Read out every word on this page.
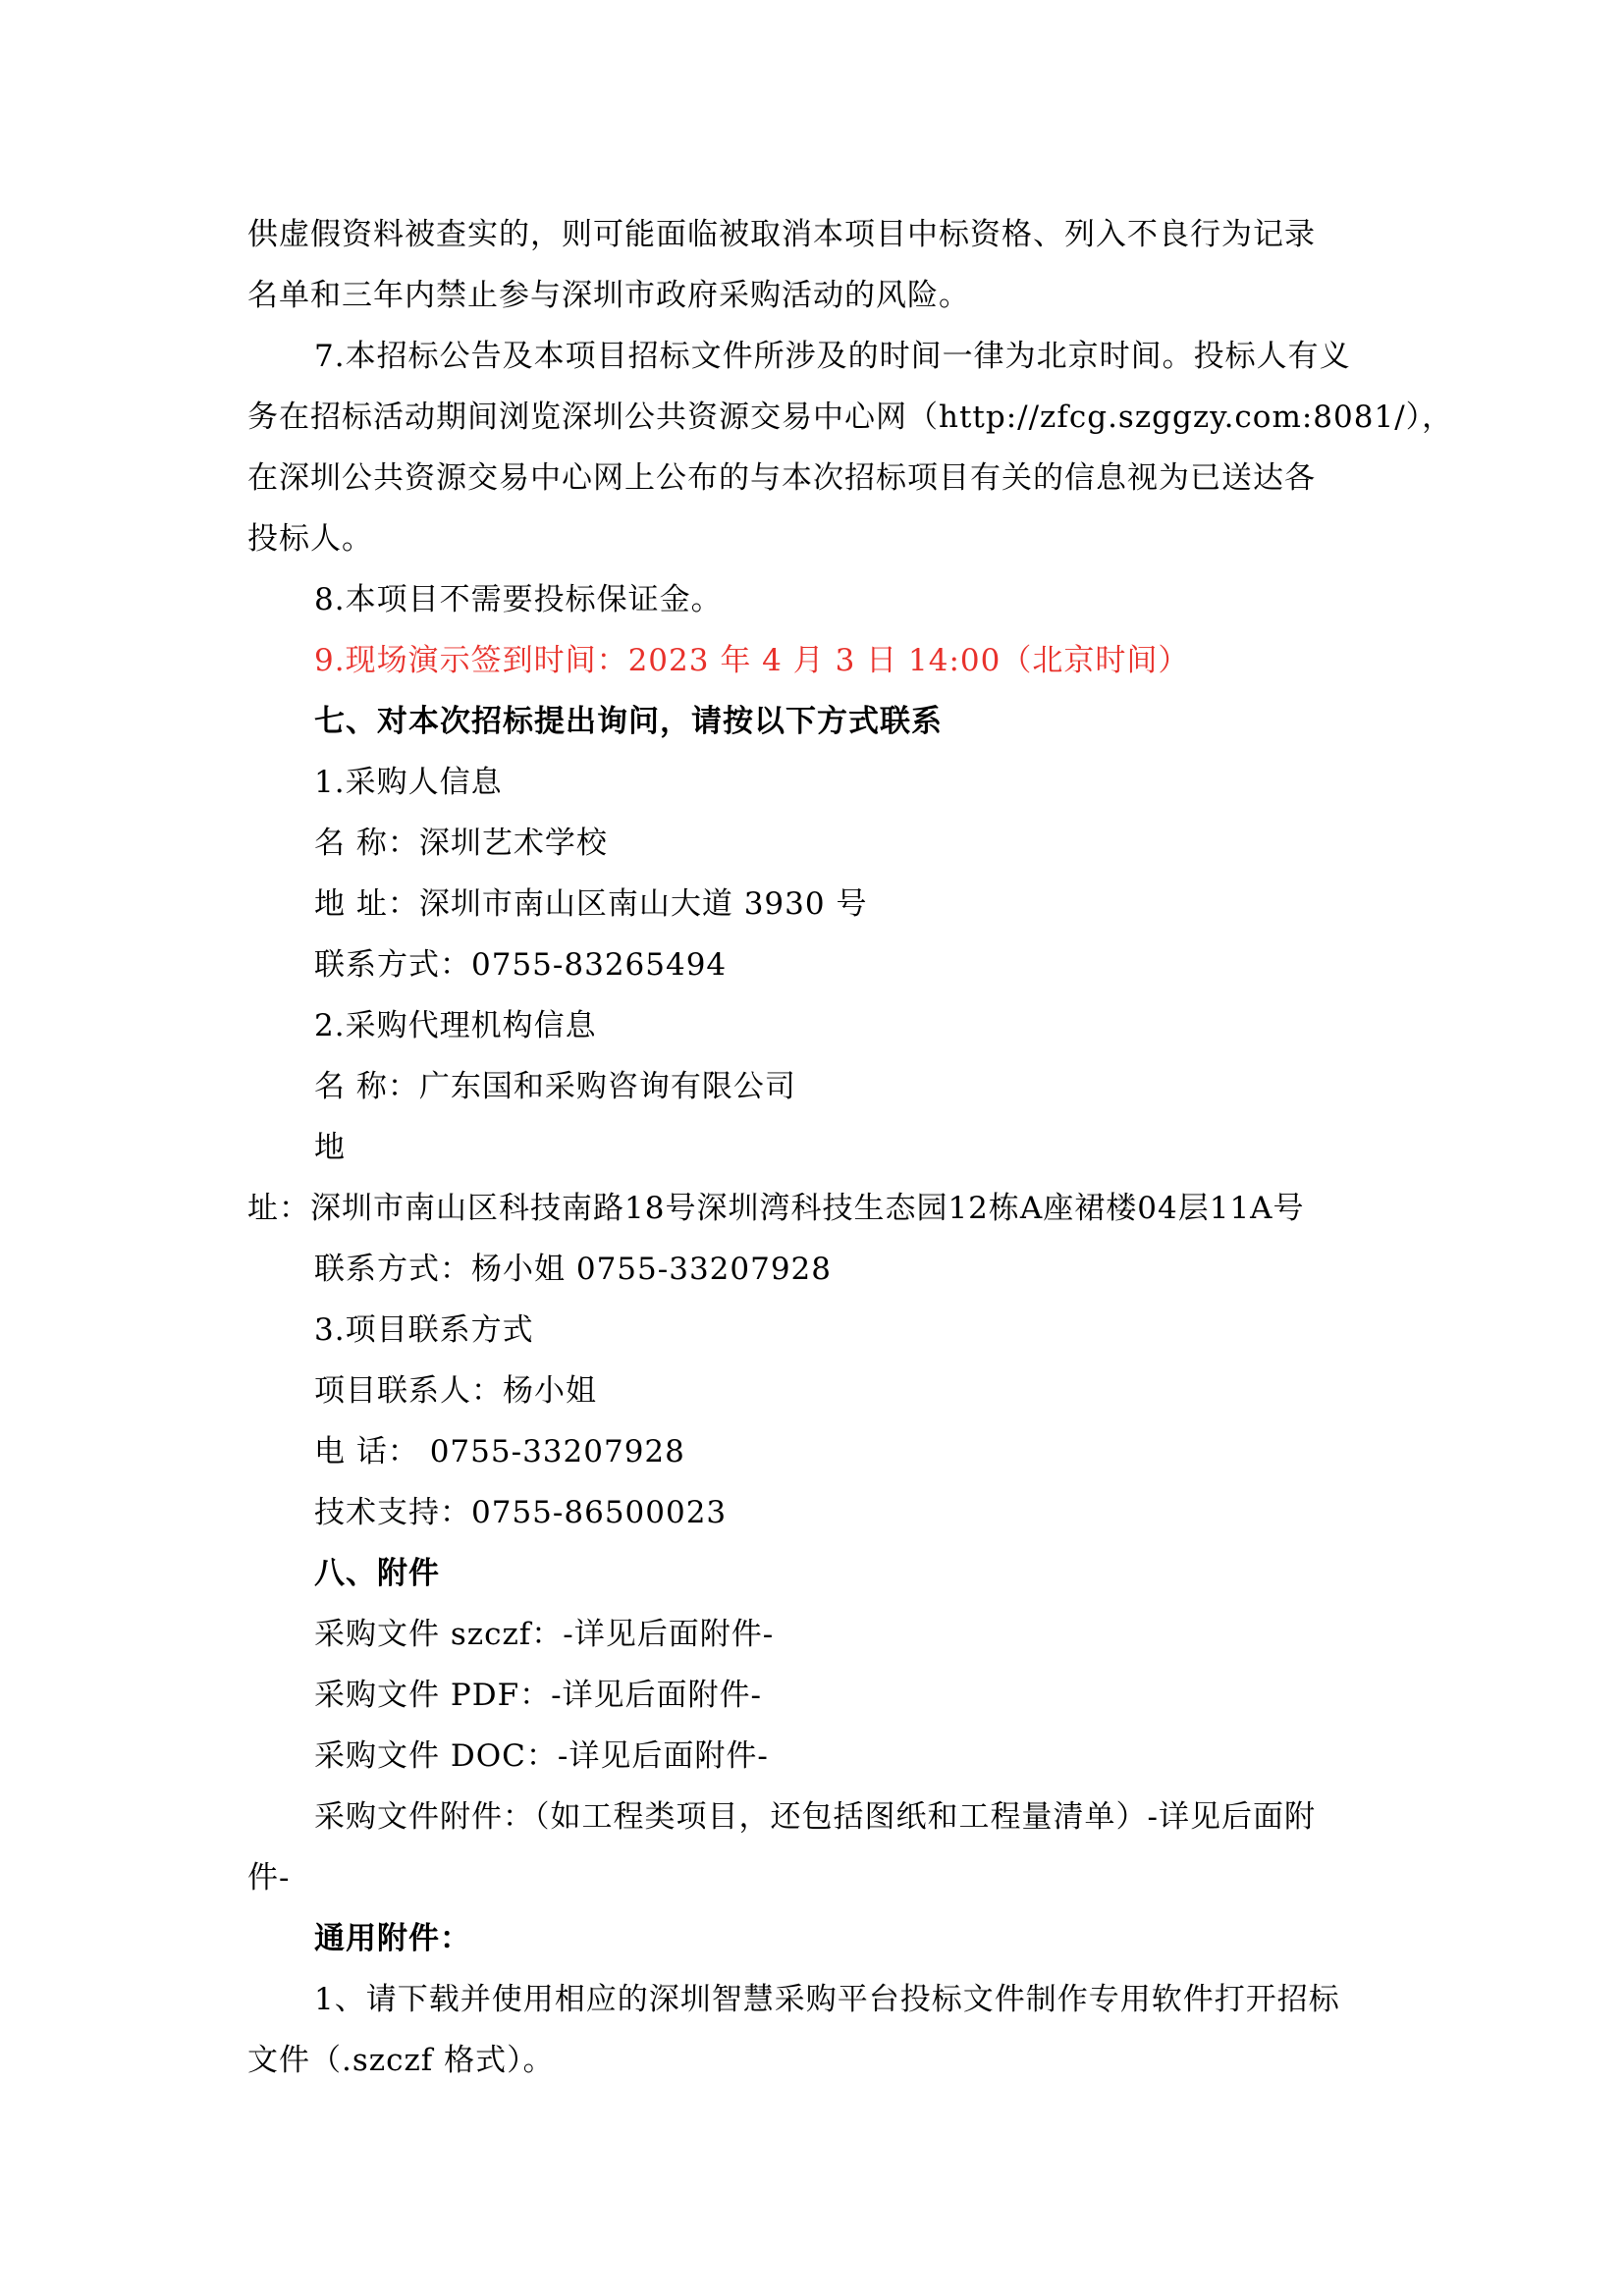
供虚假资料被查实的，则可能面临被取消本项目中标资格、列入不良行为记录
名单和三年内禁止参与深圳市政府采购活动的风险。
7.本招标公告及本项目招标文件所涉及的时间一律为北京时间。投标人有义
务在招标活动期间浏览深圳公共资源交易中心网（http://zfcg.szggzy.com:8081/），
在深圳公共资源交易中心网上公布的与本次招标项目有关的信息视为已送达各
投标人。
8.本项目不需要投标保证金。
9.现场演示签到时间：2023 年 4 月 3 日 14:00（北京时间）
七、对本次招标提出询问，请按以下方式联系
1.采购人信息
名 称：深圳艺术学校
地 址：深圳市南山区南山大道 3930 号
联系方式：0755-83265494
2.采购代理机构信息
名 称：广东国和采购咨询有限公司
地
址：深圳市南山区科技南路18号深圳湾科技生态园12栋A座裙楼04层11A号
联系方式：杨小姐 0755-33207928
3.项目联系方式
项目联系人：杨小姐
电 话： 0755-33207928
技术支持：0755-86500023
八、附件
采购文件 szczf：-详见后面附件-
采购文件 PDF：-详见后面附件-
采购文件 DOC：-详见后面附件-
采购文件附件：（如工程类项目，还包括图纸和工程量清单）-详见后面附
件-
通用附件：
1、请下载并使用相应的深圳智慧采购平台投标文件制作专用软件打开招标
文件（.szczf 格式）。
